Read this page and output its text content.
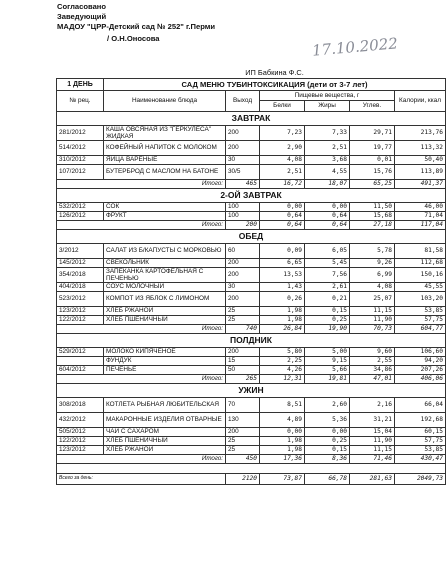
Согласовано
Заведующий
МАДОУ "ЦРР-Детский сад № 252" г.Перми
/ О.Н.Оносова	17.10.2022
	ИП Бабкина Ф.С.					
1 ДЕНЬ	САД МЕНЮ ТУБИНТОКСИКАЦИЯ (дети от 3-7 лет)					
№ рец.	Наименование блюда	Выход	Пищевые вещества, г			Калории, ккал
			Белки	Жиры	Углев.	
ЗАВТРАК						
281/2012	КАША ОВСЯНАЯ ИЗ "ГЕРКУЛЕСА" ЖИДКАЯ	200	7,23	7,33	29,71	213,76
514/2012	КОФЕЙНЫЙ НАПИТОК С МОЛОКОМ	200	2,90	2,51	19,77	113,32
310/2012	ЯЙЦА ВАРЕНЫЕ	30	4,08	3,68	0,01	50,40
107/2012	БУТЕРБРОД С МАСЛОМ НА БАТОНЕ	30/5	2,51	4,55	15,76	113,89
Итого:		465	16,72	18,07	65,25	491,37
2-ОЙ ЗАВТРАК						
532/2012	СОК	100	0,00	0,00	11,50	46,00
126/2012	ФРУКТ	100	0,64	0,64	15,68	71,04
Итого:		200	0,64	0,64	27,18	117,04
ОБЕД						
3/2012	САЛАТ ИЗ Б/КАПУСТЫ С МОРКОВЬЮ	60	0,09	6,05	5,78	81,58
145/2012	СВЕКОЛЬНИК	200	6,65	5,45	9,26	112,68
354/2018	ЗАПЕКАНКА КАРТОФЕЛЬНАЯ С ПЕЧЕНЬЮ	200	13,53	7,56	6,99	150,16
404/2018	СОУС МОЛОЧНЫЙ	30	1,43	2,61	4,08	45,55
523/2012	КОМПОТ ИЗ ЯБЛОК С ЛИМОНОМ	200	0,26	0,21	25,07	103,20
123/2012	ХЛЕБ РЖАНОЙ	25	1,98	0,15	11,15	53,85
122/2012	ХЛЕБ ПШЕНИЧНЫЙ	25	1,98	0,25	11,90	57,75
Итого:		740	26,84	19,90	70,73	604,77
ПОЛДНИК						
529/2012	МОЛОКО КИПЯЧЕНОЕ	200	5,80	5,00	9,60	106,60
	ФУНДУК	15	2,25	9,15	2,55	94,20
604/2012	ПЕЧЕНЬЕ	50	4,26	5,66	34,86	207,26
Итого:		265	12,31	19,81	47,01	406,06
УЖИН						
308/2018	КОТЛЕТА РЫБНАЯ ЛЮБИТЕЛЬСКАЯ	70	8,51	2,60	2,16	66,04
432/2012	МАКАРОННЫЕ ИЗДЕЛИЯ ОТВАРНЫЕ	130	4,89	5,36	31,21	192,68
505/2012	ЧАЙ С САХАРОМ	200	0,00	0,00	15,04	60,15
122/2012	ХЛЕБ ПШЕНИЧНЫЙ	25	1,98	0,25	11,90	57,75
123/2012	ХЛЕБ РЖАНОЙ	25	1,98	0,15	11,15	53,85
Итого:		450	17,36	8,36	71,46	430,47

Всего за день:		2120	73,87	66,78	281,63	2049,73
